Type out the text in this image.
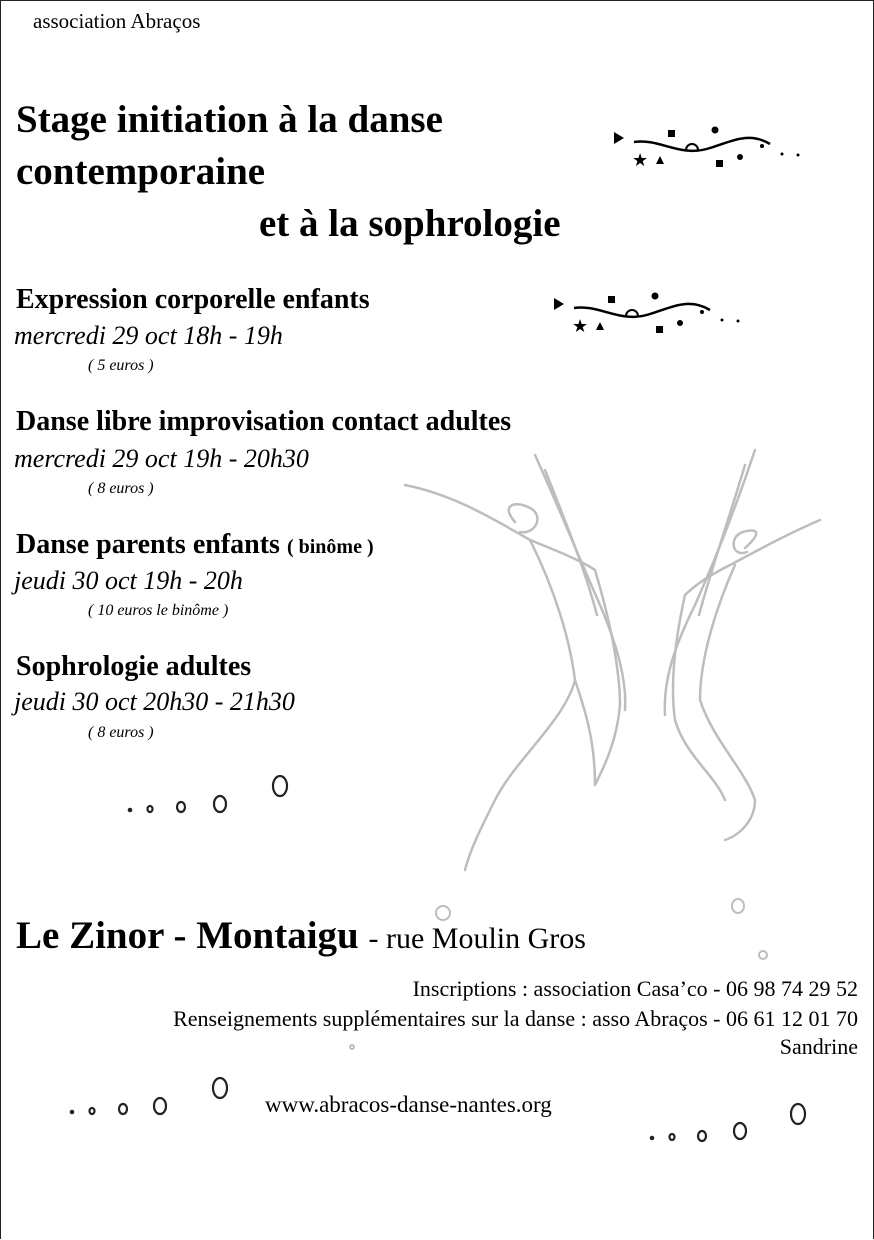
association Abraços
Stage initiation à la danse
contemporaine
et à la sophrologie
Expression corporelle enfants
mercredi 29 oct 18h - 19h
( 5 euros )
Danse libre improvisation contact adultes
mercredi 29 oct 19h - 20h30
( 8 euros )
Danse parents enfants ( binôme )
jeudi 30 oct 19h - 20h
( 10 euros le binôme )
Sophrologie adultes
jeudi 30 oct 20h30 - 21h30
( 8 euros )
Le Zinor - Montaigu - rue Moulin Gros
Inscriptions : association Casa’co - 06 98 74 29 52
Renseignements supplémentaires sur la danse : asso Abraços - 06 61 12 01 70
Sandrine
www.abracos-danse-nantes.org
★
★
